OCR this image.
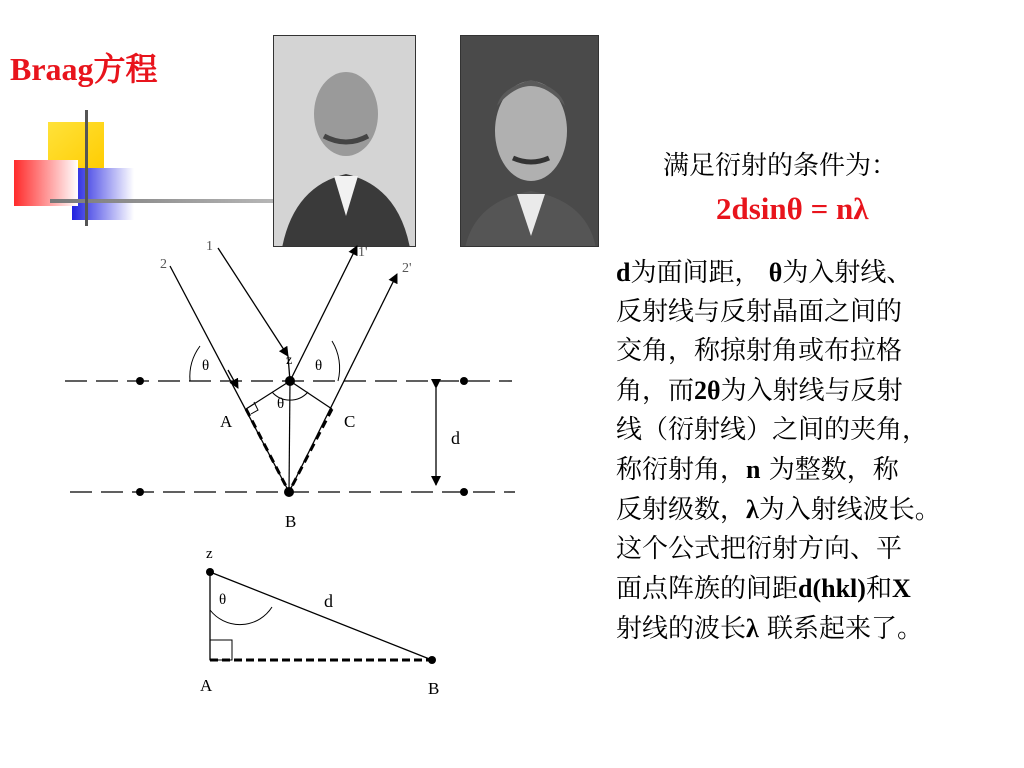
Braag方程
满足衍射的条件为：
2dsinθ = nλ
d为面间距， θ为入射线、
反射线与反射晶面之间的
交角，称掠射角或布拉格
角，而2θ为入射线与反射
线（衍射线）之间的夹角，
称衍射角，n 为整数，称
反射级数，λ为入射线波长。
这个公式把衍射方向、平
面点阵族的间距d(hkl)和X
射线的波长λ 联系起来了。
2
1	1'
2'
θ	θ
θ
z
A
B
C
d
z
θ	d
A	B
